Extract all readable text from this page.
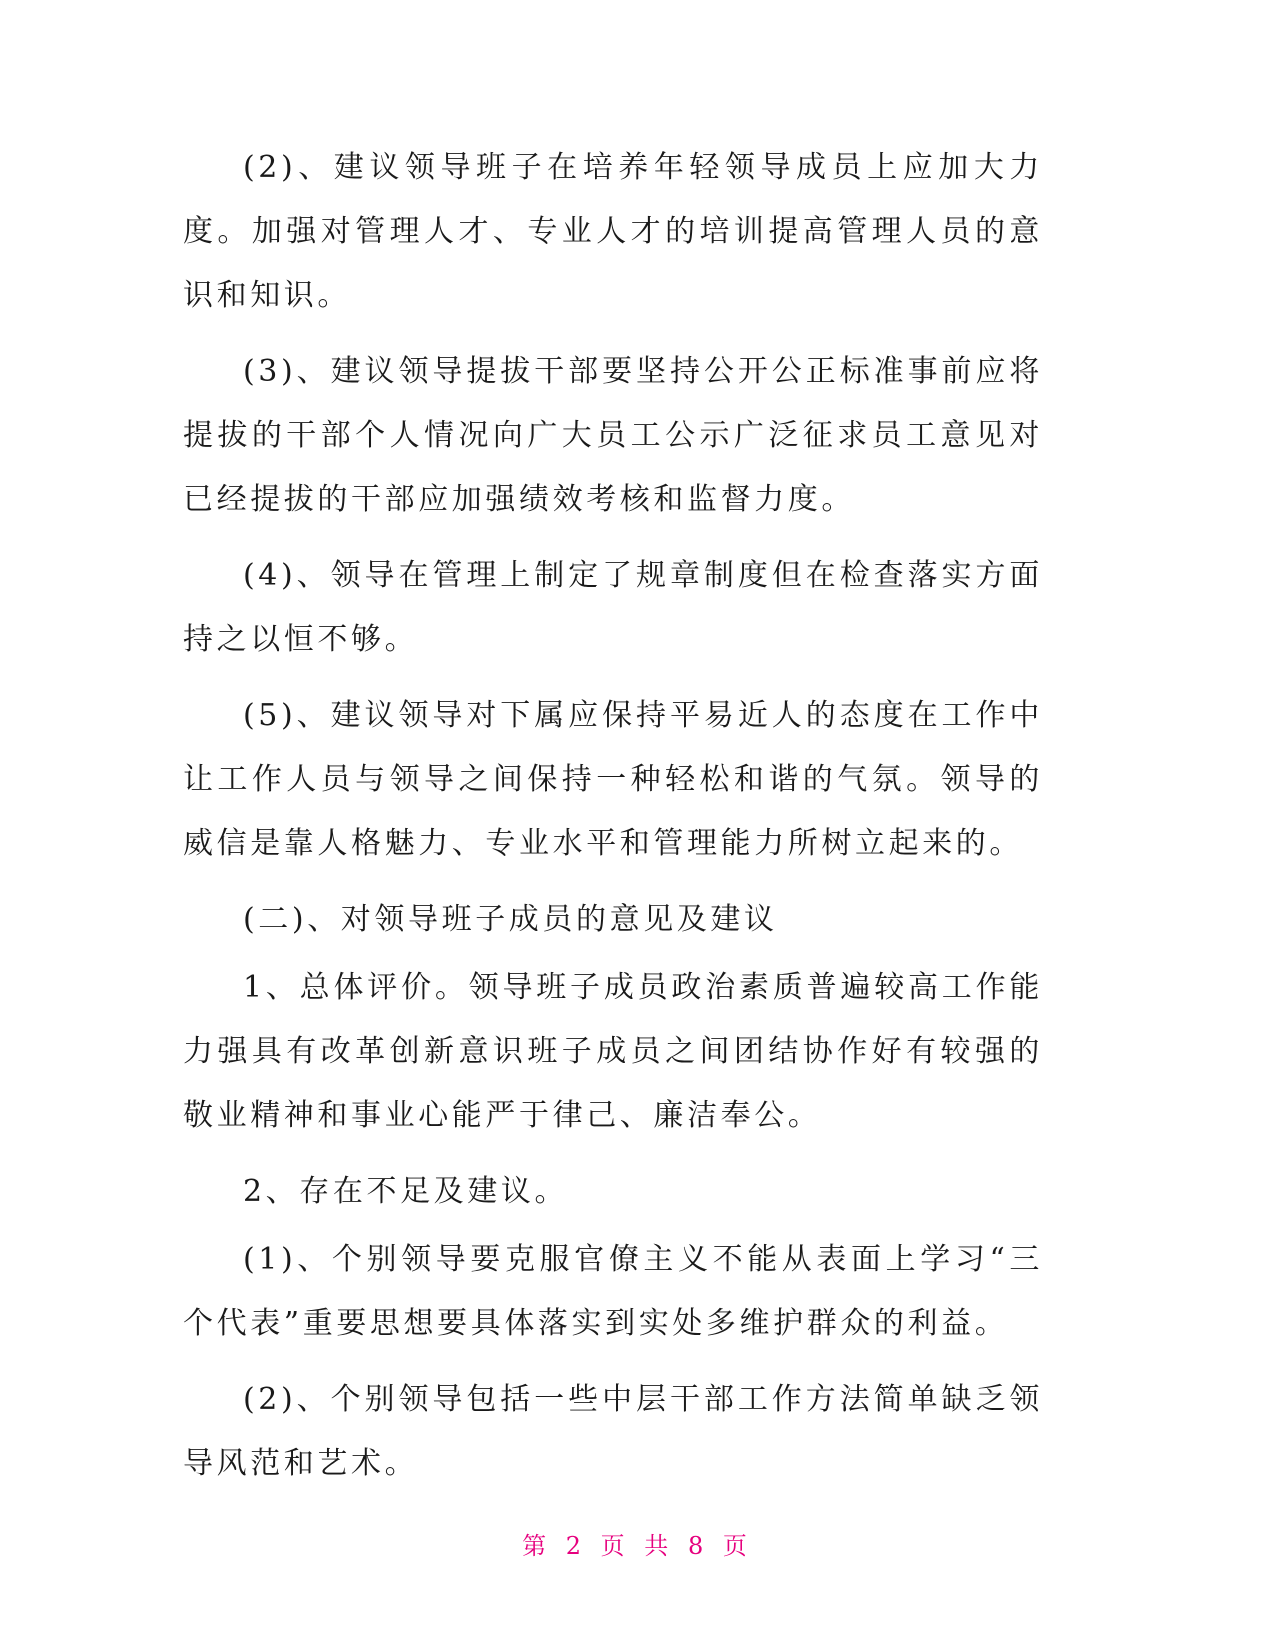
(2)、建议领导班子在培养年轻领导成员上应加大力度。加强对管理人才、专业人才的培训提高管理人员的意识和知识。

(3)、建议领导提拔干部要坚持公开公正标准事前应将提拔的干部个人情况向广大员工公示广泛征求员工意见对已经提拔的干部应加强绩效考核和监督力度。

(4)、领导在管理上制定了规章制度但在检查落实方面持之以恒不够。

(5)、建议领导对下属应保持平易近人的态度在工作中让工作人员与领导之间保持一种轻松和谐的气氛。领导的威信是靠人格魅力、专业水平和管理能力所树立起来的。

(二)、对领导班子成员的意见及建议

1、总体评价。领导班子成员政治素质普遍较高工作能力强具有改革创新意识班子成员之间团结协作好有较强的敬业精神和事业心能严于律己、廉洁奉公。

2、存在不足及建议。

(1)、个别领导要克服官僚主义不能从表面上学习“三个代表”重要思想要具体落实到实处多维护群众的利益。

(2)、个别领导包括一些中层干部工作方法简单缺乏领导风范和艺术。

第 2 页 共 8 页
